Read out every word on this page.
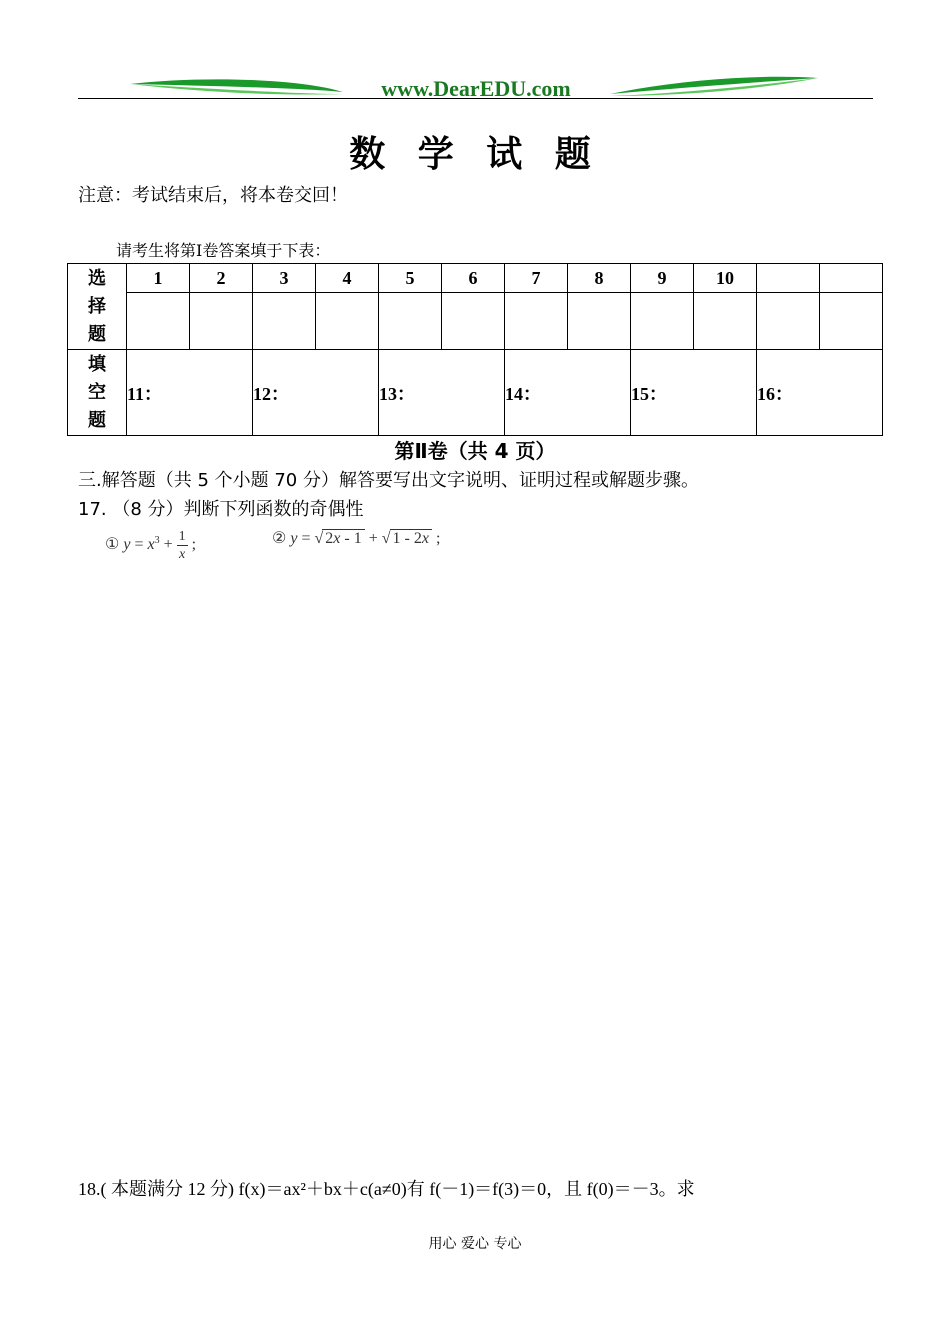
www.DearEDU.com
数 学 试 题
注意：考试结束后，将本卷交回！
请考生将第Ⅰ卷答案填于下表：
选
择
题	1	2	3	4	5	6	7	8	9	10		

填
空
题	11：		12：		13：		14：		15：		16：	
第Ⅱ卷（共 4 页）
三.解答题（共 5 个小题 70 分）解答要写出文字说明、证明过程或解题步骤。
17. （8 分）判断下列函数的奇偶性
① $y = x^3 + \frac{1}{x}$ ;	② y = √ 2x - 1 + √ 1 - 2x ;
18.( 本题满分 12 分) f(x)＝ax²＋bx＋c(a≠0)有 f(－1)＝f(3)＝0，且 f(0)＝－3。求
用心 爱心 专心
